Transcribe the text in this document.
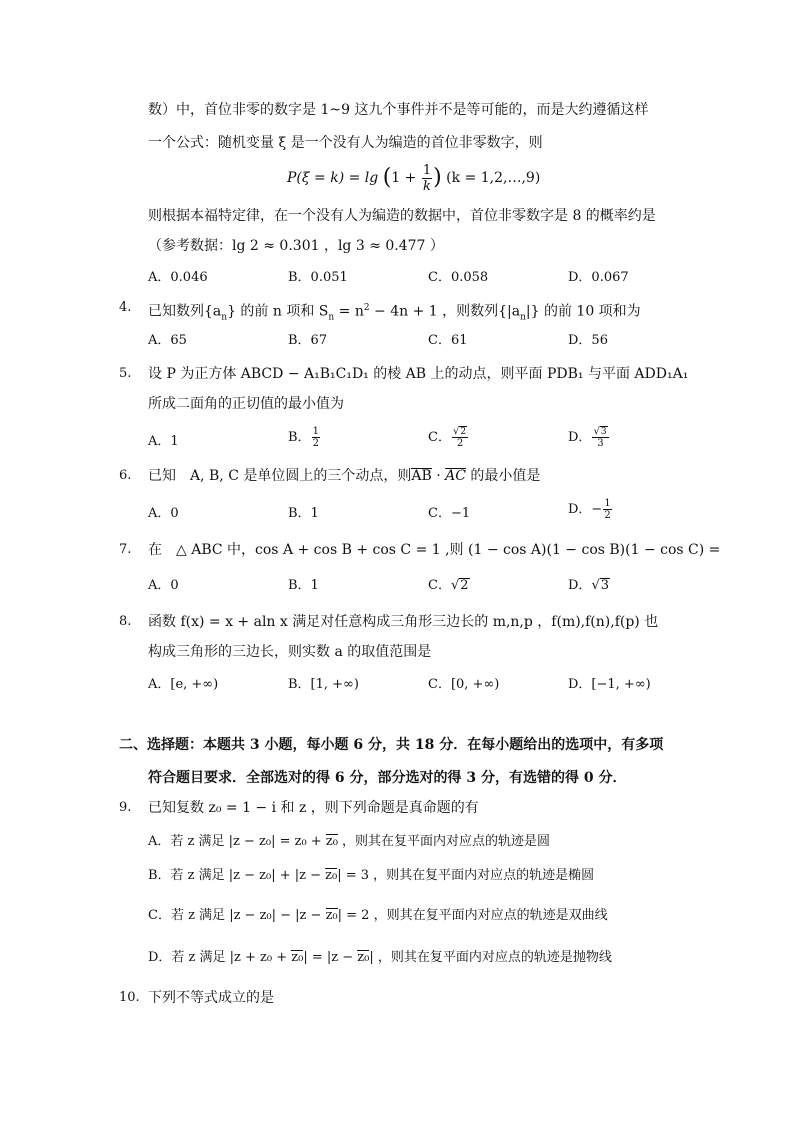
数）中，首位非零的数字是 1~9 这九个事件并不是等可能的，而是大约遵循这样
一个公式：随机变量 ξ 是一个没有人为编造的首位非零数字，则
$P(\xi = k) = \lg (1 + \frac{1}{k}$ ) (k = 1,2,…,9)
则根据本福特定律，在一个没有人为编造的数据中，首位非零数字是 8 的概率约是
（参考数据：lg 2 ≈ 0.301 ，lg 3 ≈ 0.477 ）
A．0.046	B．0.051	C．0.058	D．0.067
4. 已知数列$\{a_n\}$ 的前 n 项和 $S_n = n^2 - 4n + 1$ ，则数列$\{|a_n|\}$ 的前 10 项和为
A．65	B．67	C．61	D．56
5. 设 P 为正方体 ABCD − A₁B₁C₁D₁ 的棱 AB 上的动点，则平面 PDB₁ 与平面 ADD₁A₁
所成二面角的正切值的最小值为
A．1	B． $\frac{1}{2}$	C． $\frac{√2}{2}$	D． $\frac{√3}{3}$
6. 已知　A, B, C 是单位圆上的三个动点，则AB · AC 的最小值是
A．0	B．1	C．−1	D．− $\frac{1}{2}$
7. 在　△ ABC 中，cos A + cos B + cos C = 1 ,则 (1 − cos A)(1 − cos B)(1 − cos C) =
A．0	B．1	C．√2	D．√3
8. 函数 f(x) = x + aln x 满足对任意构成三角形三边长的 m,n,p ，f(m),f(n),f(p) 也
构成三角形的三边长，则实数 a 的取值范围是
A．[e, +∞)	B．[1, +∞)	C．[0, +∞)	D．[−1, +∞)
二、选择题：本题共 3 小题，每小题 6 分，共 18 分．在每小题给出的选项中，有多项
符合题目要求．全部选对的得 6 分，部分选对的得 3 分，有选错的得 0 分．
9. 已知复数 z₀ = 1 − i 和 z ，则下列命题是真命题的有
A．若 z 满足 |z − z₀| = z₀ + z₀ ，则其在复平面内对应点的轨迹是圆
B．若 z 满足 |z − z₀| + |z − z₀| = 3 ，则其在复平面内对应点的轨迹是椭圆
C．若 z 满足 |z − z₀| − |z − z₀| = 2 ，则其在复平面内对应点的轨迹是双曲线
D．若 z 满足 |z + z₀ + z₀| = |z − z₀| ，则其在复平面内对应点的轨迹是抛物线
10. 下列不等式成立的是
